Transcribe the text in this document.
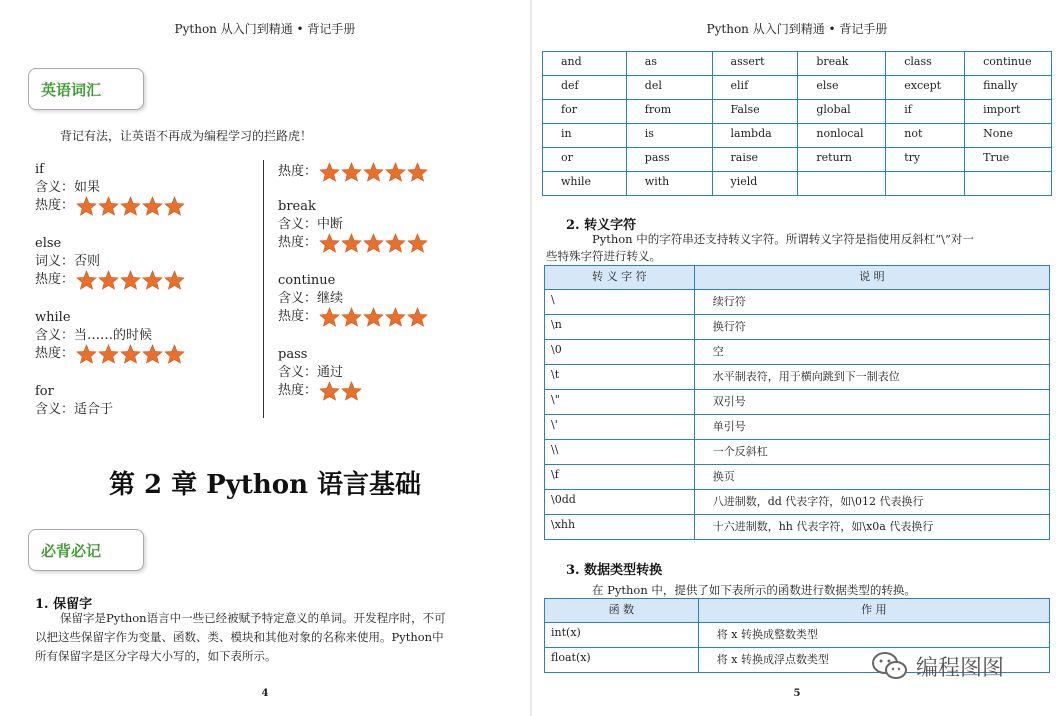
Python 从入门到精通 • 背记手册
英语词汇
背记有法，让英语不再成为编程学习的拦路虎！
if
含义：如果
热度：
else
词义：否则
热度：
while
含义：当……的时候
热度：
for
含义：适合于
热度：
break
含义：中断
热度：
continue
含义：继续
热度：
pass
含义：通过
热度：
第 2 章 Python 语言基础
必背必记
1. 保留字
保留字是Python语言中一些已经被赋予特定意义的单词。开发程序时，不可
以把这些保留字作为变量、函数、类、模块和其他对象的名称来使用。Python中
所有保留字是区分字母大小写的，如下表所示。
4
Python 从入门到精通 • 背记手册
and	as	assert	break	class	continue
def	del	elif	else	except	finally
for	from	False	global	if	import
in	is	lambda	nonlocal	not	None
or	pass	raise	return	try	True
while	with	yield			
2. 转义字符
Python 中的字符串还支持转义字符。所谓转义字符是指使用反斜杠“\”对一
些特殊字符进行转义。
转 义 字 符	说 明
\	续行符
\n	换行符
\0	空
\t	水平制表符，用于横向跳到下一制表位
\"	双引号
\'	单引号
\\	一个反斜杠
\f	换页
\0dd	八进制数，dd 代表字符，如\012 代表换行
\xhh	十六进制数，hh 代表字符，如\x0a 代表换行
3. 数据类型转换
在 Python 中，提供了如下表所示的函数进行数据类型的转换。
函 数	作 用
int(x)	将 x 转换成整数类型
float(x)	将 x 转换成浮点数类型	编程图图
5
